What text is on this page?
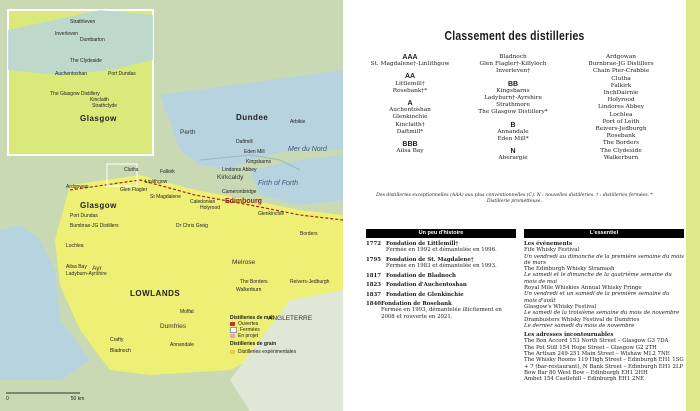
Strathleven
Inverleven
Dumbarton
The Clydeside
Port Dundas
Auchentoshan
The Glasgow Distillery
Kinclaith
Strathclyde
Glasgow	Dundee
Perth
Mer du Nord
Firth of Forth
Kirkcaldy
Edimbourg
Glasgow
Ayr
Melrose
LOWLANDS
ANGLETERRE
Dumfries
Port Dundas
Bumbrae-JG Distillers
Lochlea
Ladyburn-Ayrshire
Ailsa Bay
Crafty
Bladnoch
Annandale
Eden Mill
Kingsbarns
Lindores Abbey
Glenkinchie
Holyrood
Dr Chris Greig
Borders
Reivers-Jedburgh
Walkerburn
The Borders
Moffat
Arbikie
Glen Flagler	Cameronbridge
Daftmill
Linlithgow
St Magdalene
Caledonian
Ardgowan
Clutha	Falkirk
Distilleries de malt
Ouvertes
Fermées
En projet
Distilleries de grain
Distilleries expérimentales
0	50 km
Classement des distilleries
AAA
St. Magdalene†-Linlithgow
AA
Littlemill†
Rosebank†*
A
Auchentoshan
Glenkinchie
Kinclaith†
Daftmill*
BBB
Ailsa Bay
Bladnoch
Glen Flagler†-Killyloch
Inverleven†
BB
Kingsbarns
Ladyburn†-Ayrshire
Strathmore
The Glasgow Distillery*
B
Annandale
Eden Mill*
N
Aberargie
Ardgowan
Burnbrae-JG Distillers
Chain Pier-Crabbie
Clutha
Falkirk
InchDairnie
Holyrood
Lindores Abbey
Lochlea
Port of Leith
Reivers-Jedburgh
Rosebank
The Borders
The Clydeside
Walkerburn
Des distilleries exceptionnelles (AAA) aux plus conventionnelles (C). N : nouvelles distilleries. † : distilleries fermées. * Distillerie prometteuse.
Un peu d'histoire	L'essentiel
1772 Fondation de Littlemill†
Fermée en 1992 et démantelée en 1996.
1795 Fondation de St. Magdalene†
Fermée en 1983 et démantelée en 1993.
1817 Fondation de Bladnoch
1823 Fondation d'Auchentoshan
1837 Fondation de Glenkinchie
1840 Fondation de Rosebank
Fermée en 1993, démantelée illicitement en 2008 et rouverte en 2021.
Les événements
Fife Whisky Festival
Un vendredi au dimanche de la première semaine du mois de mars
The Edinburgh Whisky Stramash
Le samedi et le dimanche de la quatrième semaine du mois de mai
Royal Mile Whiskies Annual Whisky Fringe
Un vendredi et un samedi de la première semaine du mois d'août
Glasgow's Whisky Festival
Le samedi de la troisième semaine du mois de novembre
Drambusters Whisky Festival de Dumfries
Le dernier samedi du mois de novembre
Les adresses incontournables
The Bon Accord 153 North Street – Glasgow G3 7DA
The Pot Still 154 Hope Street – Glasgow G2 2TH
The Artisan 249-251 Main Street – Wishaw ML2 7NE
The Whisky Rooms 119 High Street – Edinburgh EH1 1SG + 7 (bar-restaurant), N Bank Street – Edinburgh EH1 2LP
Bow Bar 80 West Bow – Edinburgh EH1 2HH
Ambet 154 Castlehill – Edinburgh EH1 2NE
